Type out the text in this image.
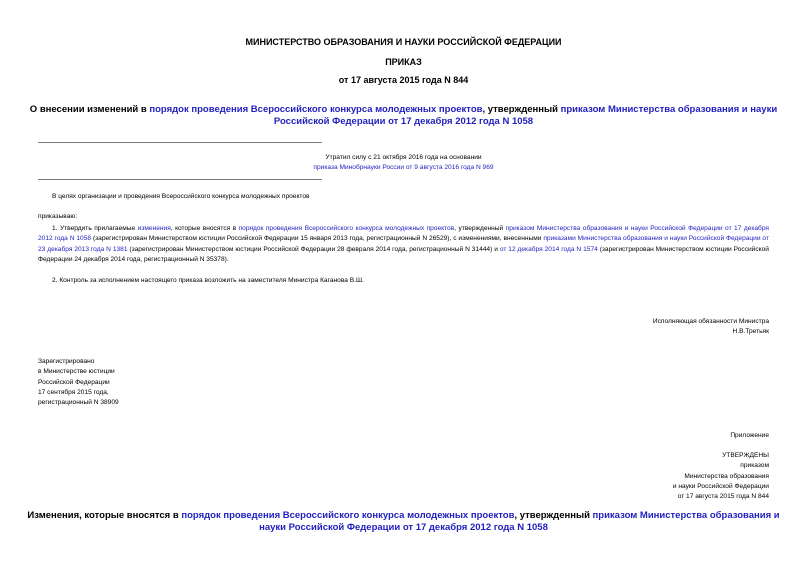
МИНИСТЕРСТВО ОБРАЗОВАНИЯ И НАУКИ РОССИЙСКОЙ ФЕДЕРАЦИИ
ПРИКАЗ
от 17 августа 2015 года N 844
О внесении изменений в порядок проведения Всероссийского конкурса молодежных проектов, утвержденный приказом Министерства образования и науки Российской Федерации от 17 декабря 2012 года N 1058
Утратил силу с 21 октября 2016 года на основании
приказа Минобрнауки России от 9 августа 2016 года N 969
В целях организации и проведения Всероссийского конкурса молодежных проектов
приказываю:
1. Утвердить прилагаемые изменения, которые вносятся в порядок проведения Всероссийского конкурса молодежных проектов, утвержденный приказом Министерства образования и науки Российской Федерации от 17 декабря 2012 года N 1058 (зарегистрирован Министерством юстиции Российской Федерации 15 января 2013 года, регистрационный N 26529), с изменениями, внесенными приказами Министерства образования и науки Российской Федерации от 23 декабря 2013 года N 1381 (зарегистрирован Министерством юстиции Российской Федерации 28 февраля 2014 года, регистрационный N 31444) и от 12 декабря 2014 года N 1574 (зарегистрирован Министерством юстиции Российской Федерации 24 декабря 2014 года, регистрационный N 35378).
2. Контроль за исполнением настоящего приказа возложить на заместителя Министра Каганова В.Ш.
Исполняющая обязанности Министра
Н.В.Третьяк
Зарегистрировано
в Министерстве юстиции
Российской Федерации
17 сентября 2015 года,
регистрационный N 38909
Приложение
УТВЕРЖДЕНЫ
приказом
Министерства образования
и науки Российской Федерации
от 17 августа 2015 года N 844
Изменения, которые вносятся в порядок проведения Всероссийского конкурса молодежных проектов, утвержденный приказом Министерства образования и науки Российской Федерации от 17 декабря 2012 года N 1058
